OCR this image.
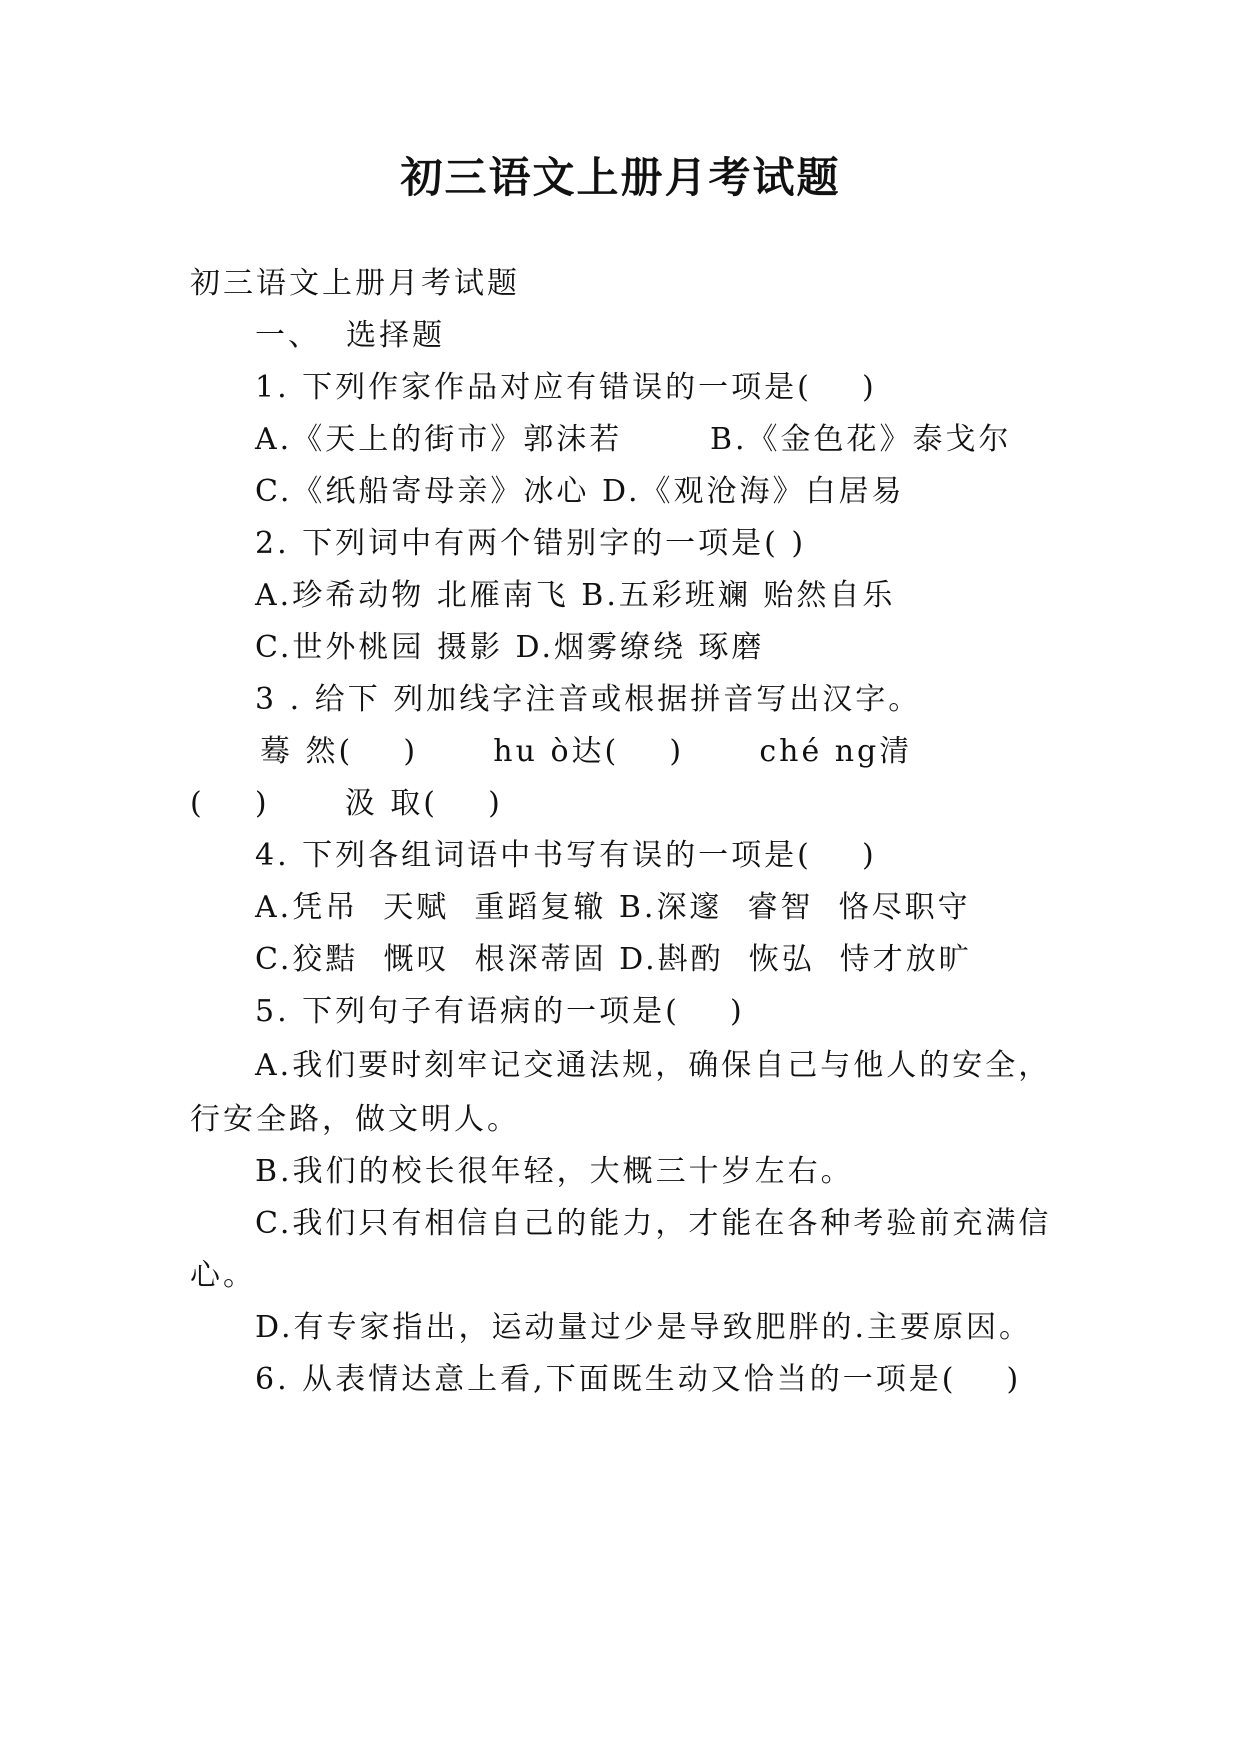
初三语文上册月考试题

初三语文上册月考试题

一、  选择题

1. 下列作家作品对应有错误的一项是(    )

A.《天上的街市》郭沫若       B.《金色花》泰戈尔

C.《纸船寄母亲》冰心 D.《观沧海》白居易

2. 下列词中有两个错别字的一项是( )

A.珍希动物 北雁南飞 B.五彩班斓 贻然自乐

C.世外桃园 摄影 D.烟雾缭绕 琢磨

3 . 给下 列加线字注音或根据拼音写出汉字。

蓦 然(    )      hu ò达(    )      ché ng清

(    )      汲 取(    )

4. 下列各组词语中书写有误的一项是(    )

A.凭吊  天赋  重蹈复辙 B.深邃  睿智  恪尽职守

C.狡黠  慨叹  根深蒂固 D.斟酌  恢弘  恃才放旷

5. 下列句子有语病的一项是(    )

A.我们要时刻牢记交通法规，确保自己与他人的安全，

行安全路，做文明人。

B.我们的校长很年轻，大概三十岁左右。

C.我们只有相信自己的能力，才能在各种考验前充满信

心。

D.有专家指出，运动量过少是导致肥胖的.主要原因。

6. 从表情达意上看,下面既生动又恰当的一项是(    )
